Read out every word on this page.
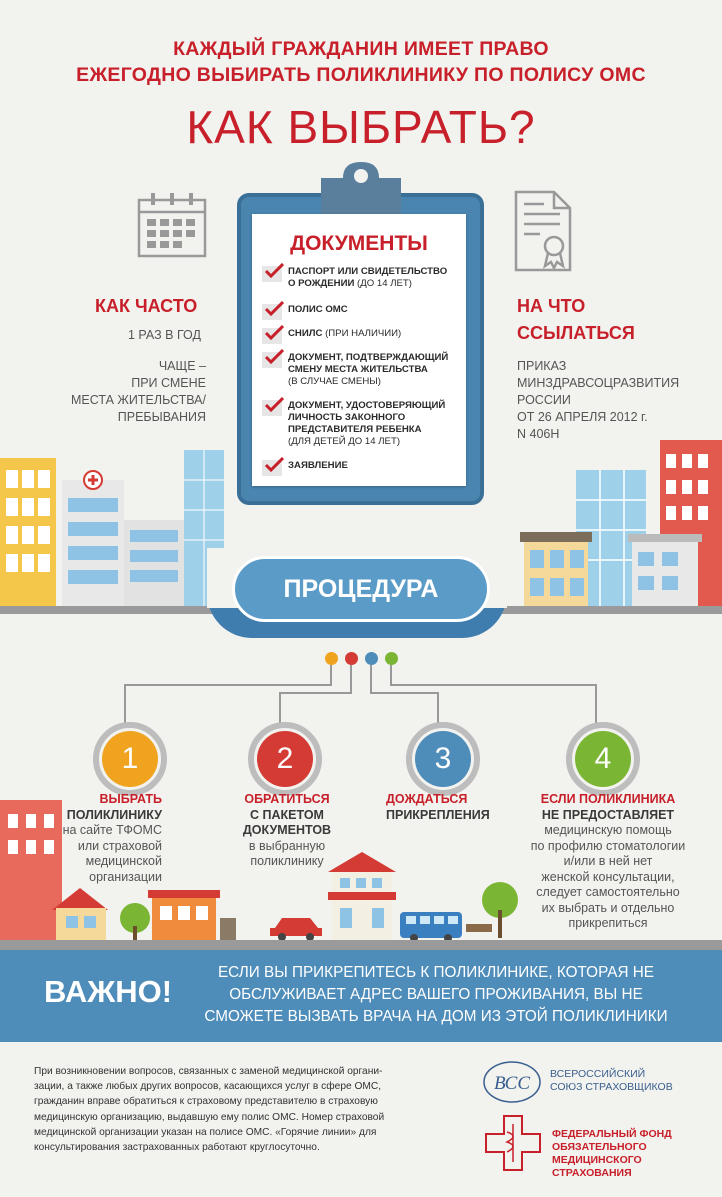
КАЖДЫЙ ГРАЖДАНИН ИМЕЕТ ПРАВО
ЕЖЕГОДНО ВЫБИРАТЬ ПОЛИКЛИНИКУ ПО ПОЛИСУ ОМС
КАК ВЫБРАТЬ?
КАК ЧАСТО
1 РАЗ В ГОД
ЧАЩЕ –
ПРИ СМЕНЕ
МЕСТА ЖИТЕЛЬСТВА/
ПРЕБЫВАНИЯ
НА ЧТО
ССЫЛАТЬСЯ
ПРИКАЗ
МИНЗДРАВСОЦРАЗВИТИЯ
РОССИИ
ОТ 26 АПРЕЛЯ 2012 г.
N 406Н
ДОКУМЕНТЫ
ПАСПОРТ ИЛИ СВИДЕТЕЛЬСТВО
О РОЖДЕНИИ (ДО 14 ЛЕТ)
ПОЛИС ОМС
СНИЛС (ПРИ НАЛИЧИИ)
ДОКУМЕНТ, ПОДТВЕРЖДАЮЩИЙ
СМЕНУ МЕСТА ЖИТЕЛЬСТВА
(В СЛУЧАЕ СМЕНЫ)
ДОКУМЕНТ, УДОСТОВЕРЯЮЩИЙ
ЛИЧНОСТЬ ЗАКОННОГО
ПРЕДСТАВИТЕЛЯ РЕБЕНКА
(ДЛЯ ДЕТЕЙ ДО 14 ЛЕТ)
ЗАЯВЛЕНИЕ
ПРОЦЕДУРА
1
ВЫБРАТЬ
ПОЛИКЛИНИКУ
на сайте ТФОМС
или страховой
медицинской
организации
2
ОБРАТИТЬСЯ
С ПАКЕТОМ
ДОКУМЕНТОВ
в выбранную
поликлинику
3
ДОЖДАТЬСЯ
ПРИКРЕПЛЕНИЯ
4
ЕСЛИ ПОЛИКЛИНИКА
НЕ ПРЕДОСТАВЛЯЕТ
медицинскую помощь
по профилю стоматологии
и/или в ней нет
женской консультации,
следует самостоятельно
их выбрать и отдельно
прикрепиться
ВАЖНО!
ЕСЛИ ВЫ ПРИКРЕПИТЕСЬ К ПОЛИКЛИНИКЕ, КОТОРАЯ НЕ
ОБСЛУЖИВАЕТ АДРЕС ВАШЕГО ПРОЖИВАНИЯ, ВЫ НЕ
СМОЖЕТЕ ВЫЗВАТЬ ВРАЧА НА ДОМ ИЗ ЭТОЙ ПОЛИКЛИНИКИ
При возникновении вопросов, связанных с заменой медицинской органи-
зации, а также любых других вопросов, касающихся услуг в сфере ОМС,
гражданин вправе обратиться к страховому представителю в страховую
медицинскую организацию, выдавшую ему полис ОМС. Номер страховой
медицинской организации указан на полисе ОМС. «Горячие линии» для
консультирования застрахованных работают круглосуточно.
ВСС ВСЕРОССИЙСКИЙ
СОЮЗ СТРАХОВЩИКОВ
ФЕДЕРАЛЬНЫЙ ФОНД
ОБЯЗАТЕЛЬНОГО МЕДИЦИНСКОГО
СТРАХОВАНИЯ
